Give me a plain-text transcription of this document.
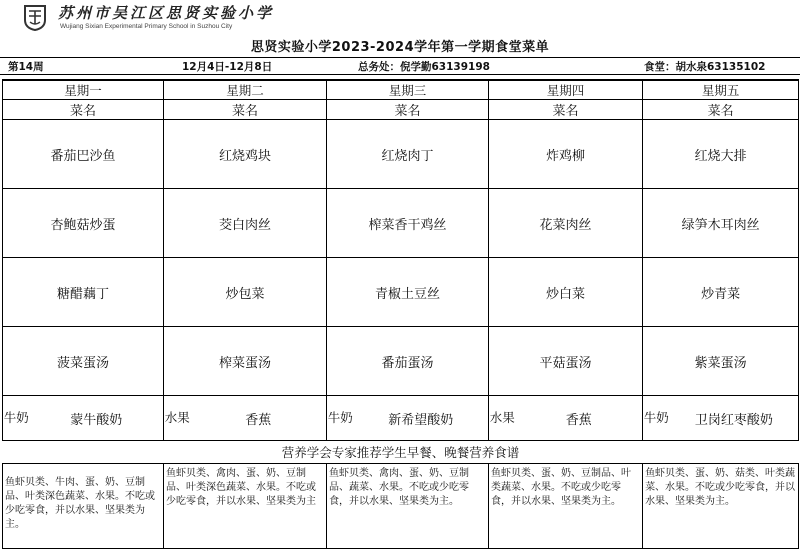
苏州市吴江区思贤实验小学
Wujiang Sixian Experimental Primary School in Suzhou City
思贤实验小学2023-2024学年第一学期食堂菜单
第14周	12月4日-12月8日	总务处：倪学勤63139198	食堂：胡水泉63135102
星期一		星期二		星期三		星期四		星期五	
菜名		菜名		菜名		菜名		菜名	
番茄巴沙鱼		红烧鸡块		红烧肉丁		炸鸡柳		红烧大排	
杏鲍菇炒蛋		茭白肉丝		榨菜香干鸡丝		花菜肉丝		绿笋木耳肉丝	
糖醋藕丁		炒包菜		青椒土豆丝		炒白菜		炒青菜	
菠菜蛋汤		榨菜蛋汤		番茄蛋汤		平菇蛋汤		紫菜蛋汤	
牛奶	蒙牛酸奶	水果	香蕉	牛奶	新希望酸奶	水果	香蕉	牛奶	卫岗红枣酸奶
营养学会专家推荐学生早餐、晚餐营养食谱									
鱼虾贝类、牛肉、蛋、奶、豆制品、叶类深色蔬菜、水果。不吃或少吃零食，并以水果、坚果类为主。		鱼虾贝类、禽肉、蛋、奶、豆制品、叶类深色蔬菜、水果。不吃或少吃零食，并以水果、坚果类为主		鱼虾贝类、禽肉、蛋、奶、豆制品、蔬菜、水果。不吃或少吃零食，并以水果、坚果类为主。		鱼虾贝类、蛋、奶、豆制品、叶类蔬菜、水果。不吃或少吃零食，并以水果、坚果类为主。		鱼虾贝类、蛋、奶、菇类、叶类蔬菜、水果。不吃或少吃零食，并以水果、坚果类为主。	
